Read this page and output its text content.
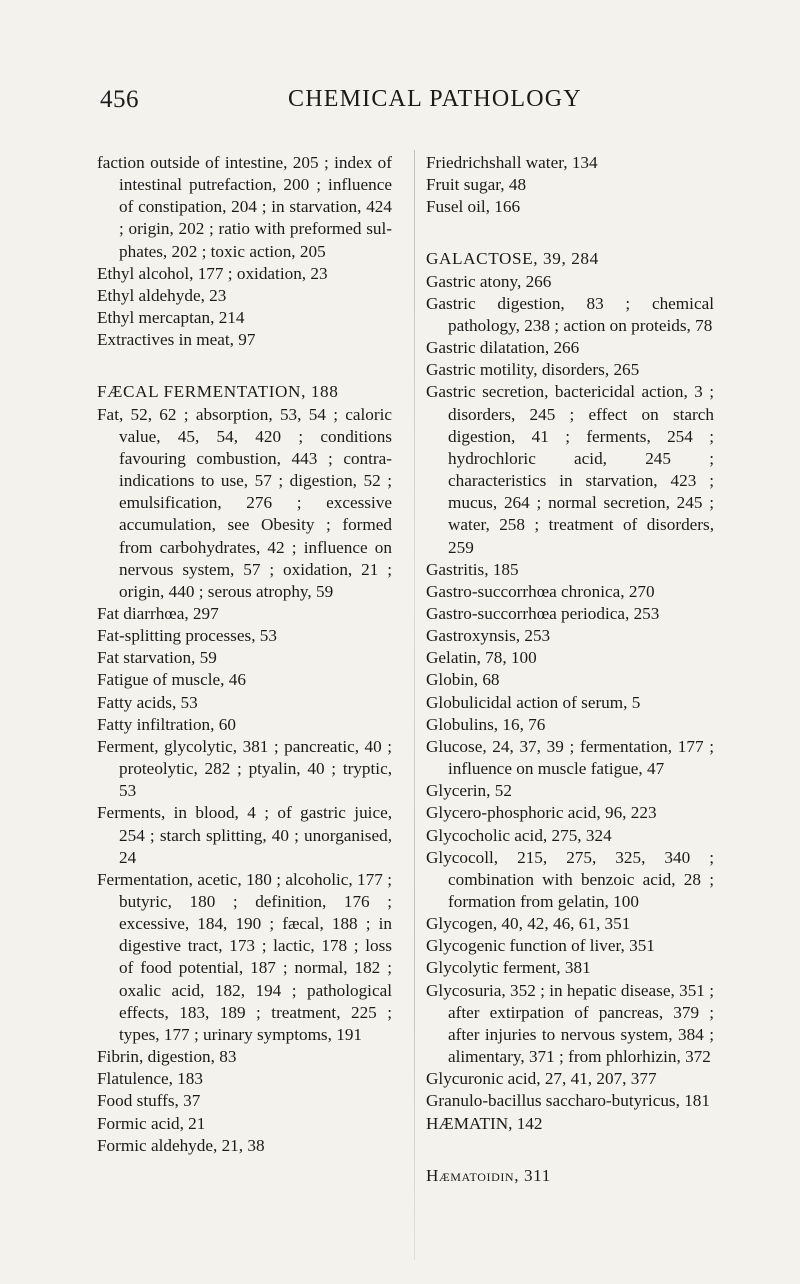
456	CHEMICAL PATHOLOGY
faction outside of intestine, 205 ; index of intestinal putrefaction, 200 ; influence of constipation, 204 ; in starvation, 424 ; origin, 202 ; ratio with preformed sulphates, 202 ; toxic action, 205
Ethyl alcohol, 177 ; oxidation, 23
Ethyl aldehyde, 23
Ethyl mercaptan, 214
Extractives in meat, 97
FÆCAL FERMENTATION, 188
Fat, 52, 62 ; absorption, 53, 54 ; caloric value, 45, 54, 420 ; conditions favouring combustion, 443 ; contra-indications to use, 57 ; digestion, 52 ; emulsification, 276 ; excessive accumulation, see Obesity ; formed from carbohydrates, 42 ; influence on nervous system, 57 ; oxidation, 21 ; origin, 440 ; serous atrophy, 59
Fat diarrhœa, 297
Fat-splitting processes, 53
Fat starvation, 59
Fatigue of muscle, 46
Fatty acids, 53
Fatty infiltration, 60
Ferment, glycolytic, 381 ; pancreatic, 40 ; proteolytic, 282 ; ptyalin, 40 ; tryptic, 53
Ferments, in blood, 4 ; of gastric juice, 254 ; starch splitting, 40 ; unorganised, 24
Fermentation, acetic, 180 ; alcoholic, 177 ; butyric, 180 ; definition, 176 ; excessive, 184, 190 ; fæcal, 188 ; in digestive tract, 173 ; lactic, 178 ; loss of food potential, 187 ; normal, 182 ; oxalic acid, 182, 194 ; pathological effects, 183, 189 ; treatment, 225 ; types, 177 ; urinary symptoms, 191
Fibrin, digestion, 83
Flatulence, 183
Food stuffs, 37
Formic acid, 21
Formic aldehyde, 21, 38
Friedrichshall water, 134
Fruit sugar, 48
Fusel oil, 166
GALACTOSE, 39, 284
Gastric atony, 266
Gastric digestion, 83 ; chemical pathology, 238 ; action on proteids, 78
Gastric dilatation, 266
Gastric motility, disorders, 265
Gastric secretion, bactericidal action, 3 ; disorders, 245 ; effect on starch digestion, 41 ; ferments, 254 ; hydrochloric acid, 245 ; characteristics in starvation, 423 ; mucus, 264 ; normal secretion, 245 ; water, 258 ; treatment of disorders, 259
Gastritis, 185
Gastro-succorrhœa chronica, 270
Gastro-succorrhœa periodica, 253
Gastroxynsis, 253
Gelatin, 78, 100
Globin, 68
Globulicidal action of serum, 5
Globulins, 16, 76
Glucose, 24, 37, 39 ; fermentation, 177 ; influence on muscle fatigue, 47
Glycerin, 52
Glycero-phosphoric acid, 96, 223
Glycocholic acid, 275, 324
Glycocoll, 215, 275, 325, 340 ; combination with benzoic acid, 28 ; formation from gelatin, 100
Glycogen, 40, 42, 46, 61, 351
Glycogenic function of liver, 351
Glycolytic ferment, 381
Glycosuria, 352 ; in hepatic disease, 351 ; after extirpation of pancreas, 379 ; after injuries to nervous system, 384 ; alimentary, 371 ; from phlorhizin, 372
Glycuronic acid, 27, 41, 207, 377
Granulo-bacillus saccharo-butyricus, 181
HÆMATIN, 142
Hæmatoidin, 311
